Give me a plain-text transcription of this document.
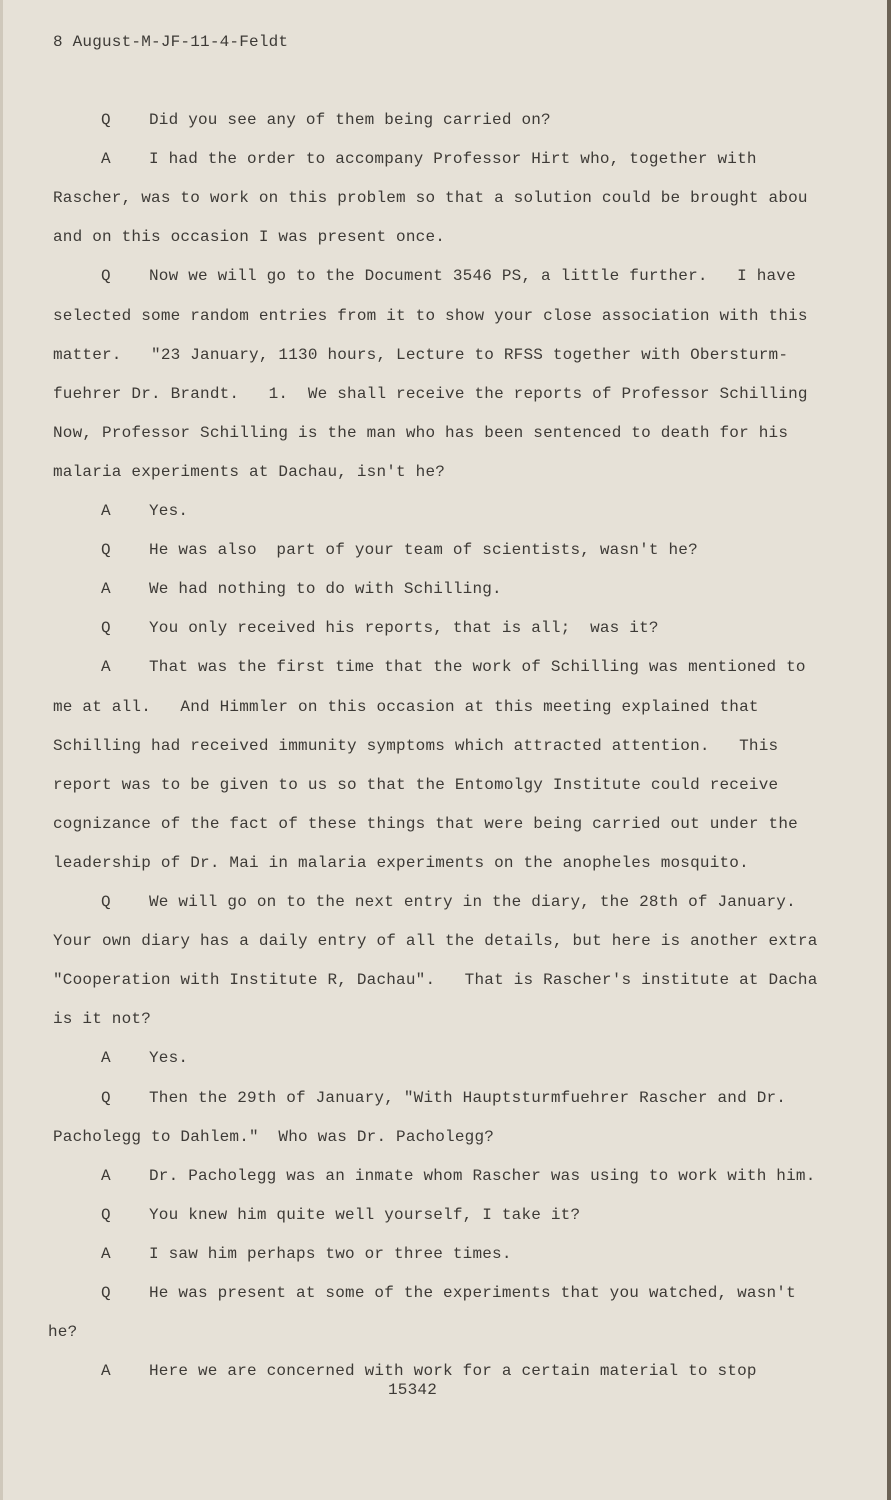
8 August-M-JF-11-4-Feldt
Q Did you see any of them being carried on?
A I had the order to accompany Professor Hirt who, together with
Rascher, was to work on this problem so that a solution could be brought abou
and on this occasion I was present once.
Q Now we will go to the Document 3546 PS, a little further.   I have
selected some random entries from it to show your close association with this
matter.   "23 January, 1130 hours, Lecture to RFSS together with Obersturm-
fuehrer Dr. Brandt.   1.  We shall receive the reports of Professor Schilling
Now, Professor Schilling is the man who has been sentenced to death for his
malaria experiments at Dachau, isn't he?
A Yes.
Q He was also  part of your team of scientists, wasn't he?
A We had nothing to do with Schilling.
Q You only received his reports, that is all;  was it?
A That was the first time that the work of Schilling was mentioned to
me at all.   And Himmler on this occasion at this meeting explained that
Schilling had received immunity symptoms which attracted attention.   This
report was to be given to us so that the Entomolgy Institute could receive
cognizance of the fact of these things that were being carried out under the
leadership of Dr. Mai in malaria experiments on the anopheles mosquito.
Q We will go on to the next entry in the diary, the 28th of January.
Your own diary has a daily entry of all the details, but here is another extra
"Cooperation with Institute R, Dachau".   That is Rascher's institute at Dacha
is it not?
A Yes.
Q Then the 29th of January, "With Hauptsturmfuehrer Rascher and Dr.
Pacholegg to Dahlem."  Who was Dr. Pacholegg?
A Dr. Pacholegg was an inmate whom Rascher was using to work with him.
Q You knew him quite well yourself, I take it?
A I saw him perhaps two or three times.
Q He was present at some of the experiments that you watched, wasn't
he?
A Here we are concerned with work for a certain material to stop
15342
